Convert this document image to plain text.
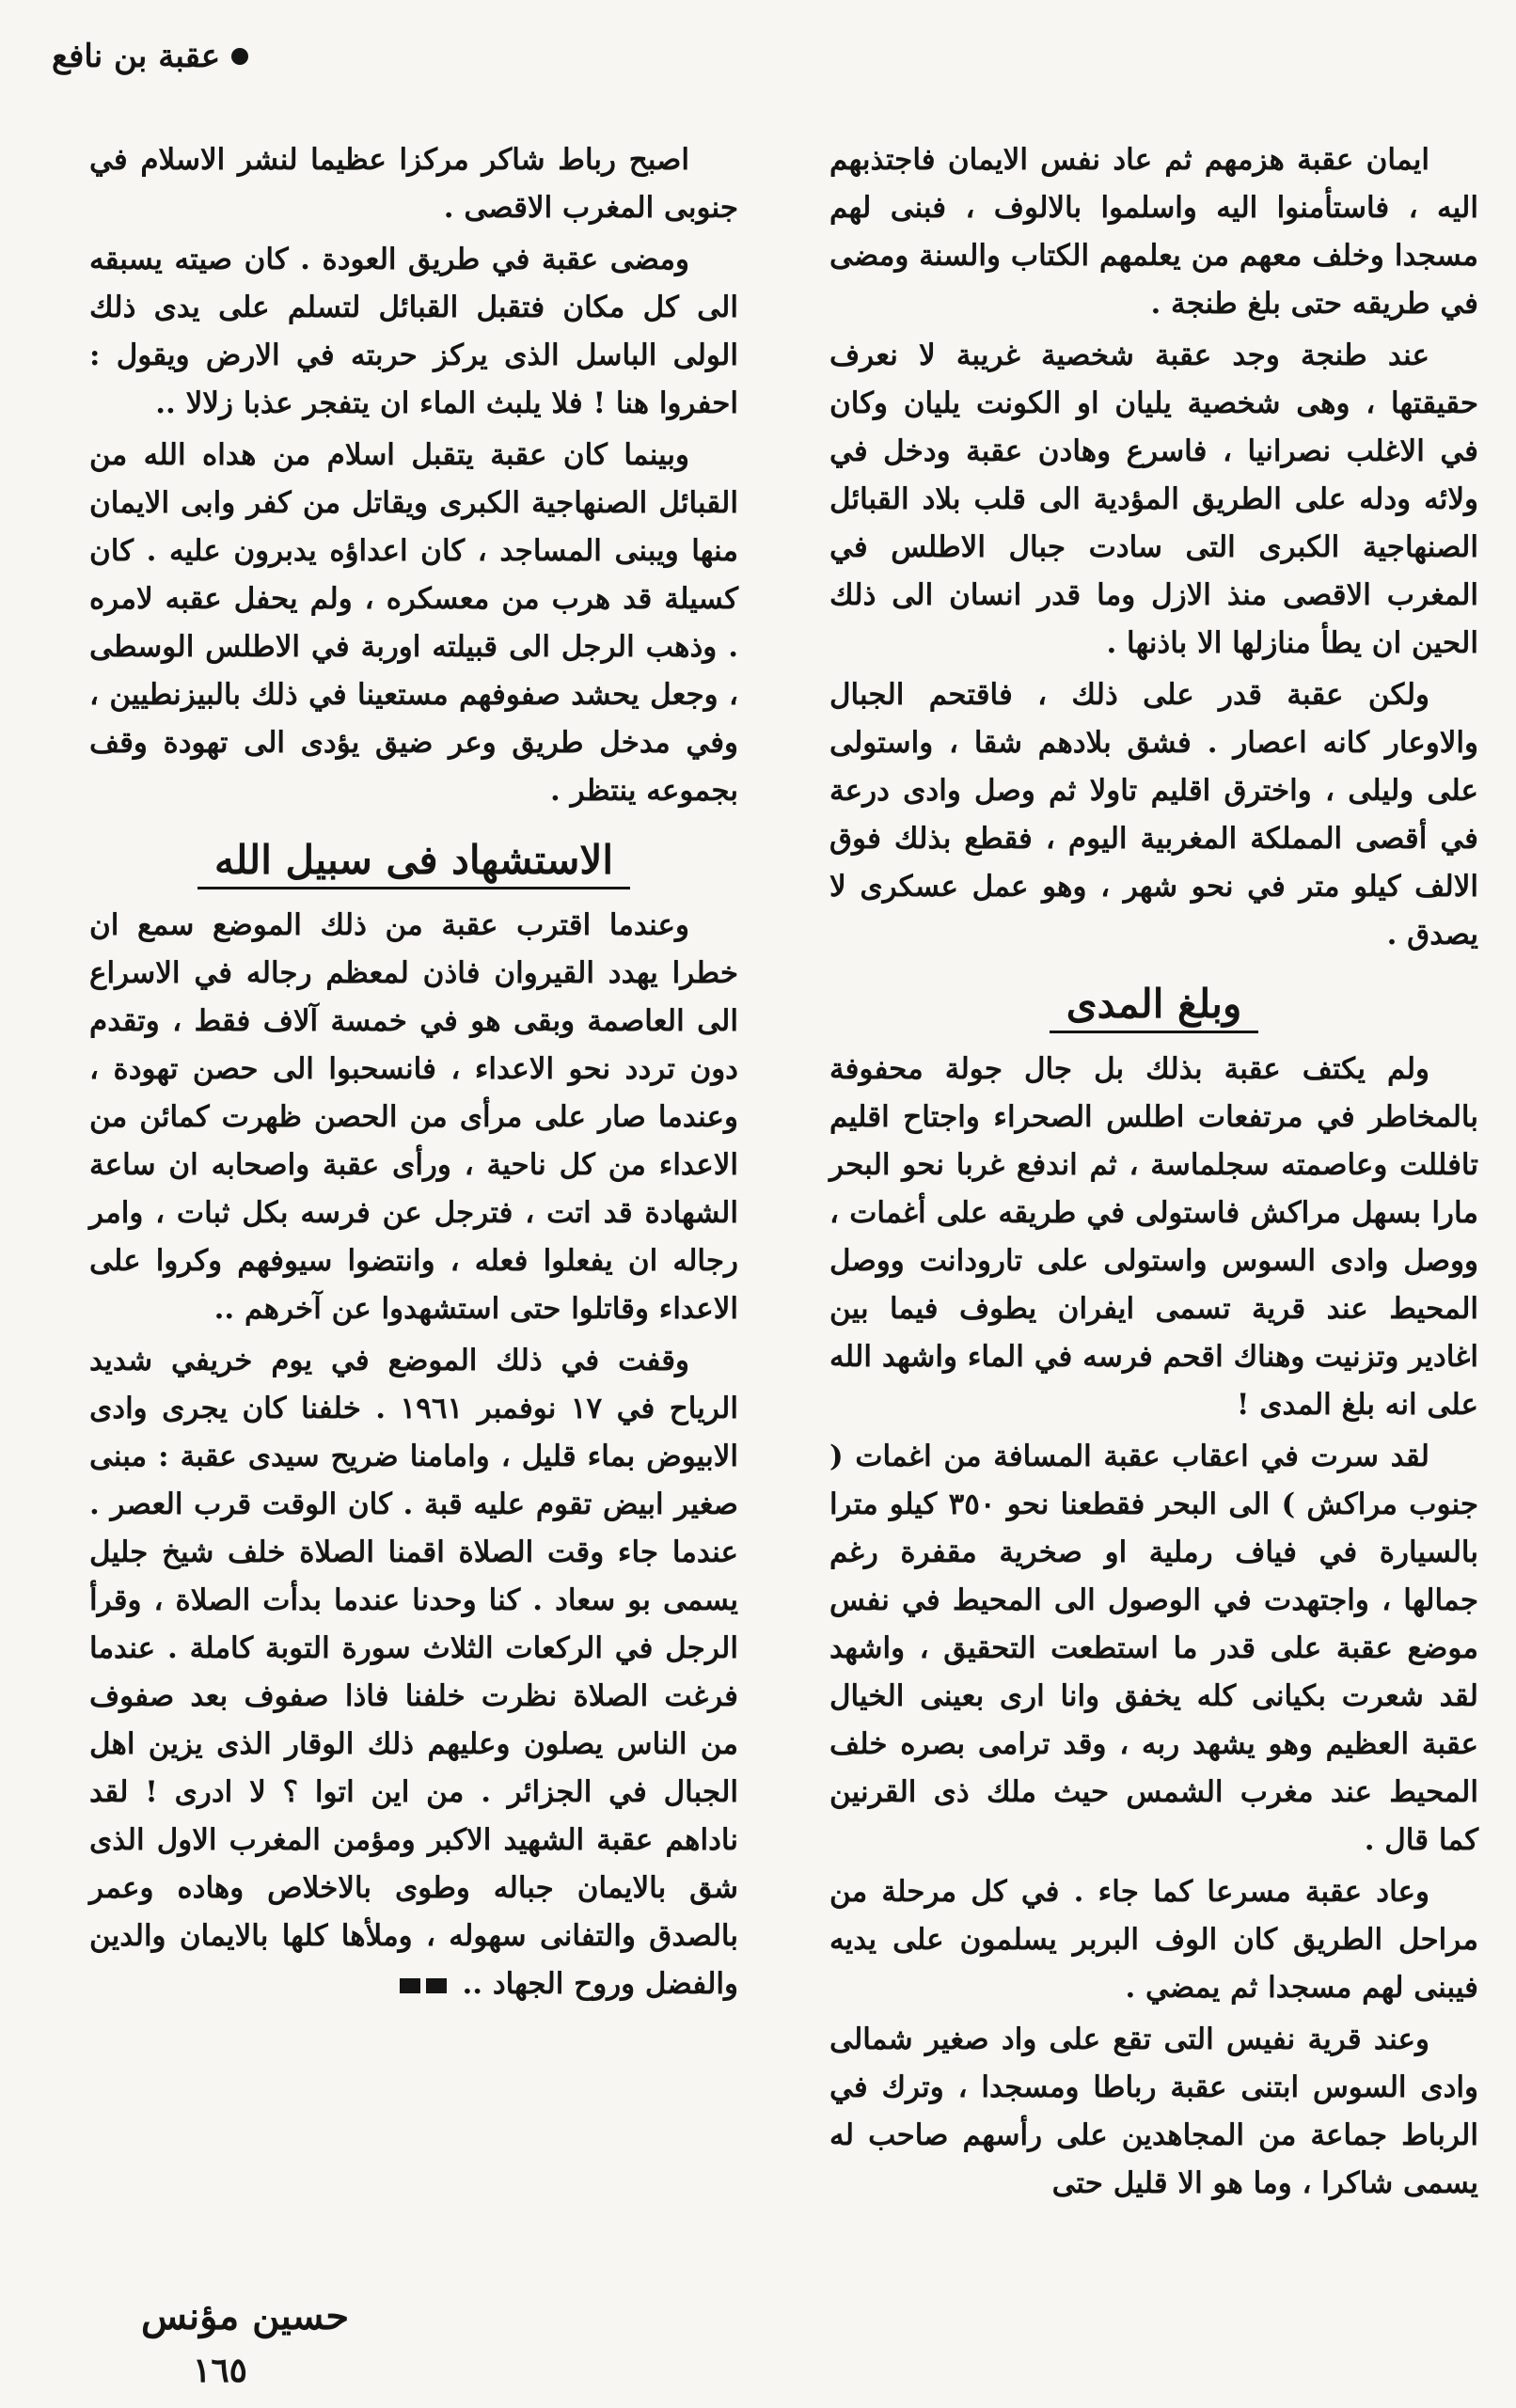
عقبة بن نافع

ايمان عقبة هزمهم ثم عاد نفس الايمان فاجتذبهم اليه ، فاستأمنوا اليه واسلموا بالالوف ، فبنى لهم مسجدا وخلف معهم من يعلمهم الكتاب والسنة ومضى في طريقه حتى بلغ طنجة .

عند طنجة وجد عقبة شخصية غريبة لا نعرف حقيقتها ، وهى شخصية يليان او الكونت يليان وكان في الاغلب نصرانيا ، فاسرع وهادن عقبة ودخل في ولائه ودله على الطريق المؤدية الى قلب بلاد القبائل الصنهاجية الكبرى التى سادت جبال الاطلس في المغرب الاقصى منذ الازل وما قدر انسان الى ذلك الحين ان يطأ منازلها الا باذنها .

ولكن عقبة قدر على ذلك ، فاقتحم الجبال والاوعار كانه اعصار . فشق بلادهم شقا ، واستولى على وليلى ، واخترق اقليم تاولا ثم وصل وادى درعة في أقصى المملكة المغربية اليوم ، فقطع بذلك فوق الالف كيلو متر في نحو شهر ، وهو عمل عسكرى لا يصدق .

وبلغ المدى

ولم يكتف عقبة بذلك بل جال جولة محفوفة بالمخاطر في مرتفعات اطلس الصحراء واجتاح اقليم تافللت وعاصمته سجلماسة ، ثم اندفع غربا نحو البحر مارا بسهل مراكش فاستولى في طريقه على أغمات ، ووصل وادى السوس واستولى على تارودانت ووصل المحيط عند قرية تسمى ايفران يطوف فيما بين اغادير وتزنيت وهناك اقحم فرسه في الماء واشهد الله على انه بلغ المدى !

لقد سرت في اعقاب عقبة المسافة من اغمات ( جنوب مراكش ) الى البحر فقطعنا نحو ٣٥٠ كيلو مترا بالسيارة في فياف رملية او صخرية مقفرة رغم جمالها ، واجتهدت في الوصول الى المحيط في نفس موضع عقبة على قدر ما استطعت التحقيق ، واشهد لقد شعرت بكيانى كله يخفق وانا ارى بعينى الخيال عقبة العظيم وهو يشهد ربه ، وقد ترامى بصره خلف المحيط عند مغرب الشمس حيث ملك ذى القرنين كما قال .

وعاد عقبة مسرعا كما جاء . في كل مرحلة من مراحل الطريق كان الوف البربر يسلمون على يديه فيبنى لهم مسجدا ثم يمضي .

وعند قرية نفيس التى تقع على واد صغير شمالى وادى السوس ابتنى عقبة رباطا ومسجدا ، وترك في الرباط جماعة من المجاهدين على رأسهم صاحب له يسمى شاكرا ، وما هو الا قليل حتى

اصبح رباط شاكر مركزا عظيما لنشر الاسلام في جنوبى المغرب الاقصى .

ومضى عقبة في طريق العودة . كان صيته يسبقه الى كل مكان فتقبل القبائل لتسلم على يدى ذلك الولى الباسل الذى يركز حربته في الارض ويقول : احفروا هنا ! فلا يلبث الماء ان يتفجر عذبا زلالا ..

وبينما كان عقبة يتقبل اسلام من هداه الله من القبائل الصنهاجية الكبرى ويقاتل من كفر وابى الايمان منها ويبنى المساجد ، كان اعداؤه يدبرون عليه . كان كسيلة قد هرب من معسكره ، ولم يحفل عقبه لامره . وذهب الرجل الى قبيلته اوربة في الاطلس الوسطى ، وجعل يحشد صفوفهم مستعينا في ذلك بالبيزنطيين ، وفي مدخل طريق وعر ضيق يؤدى الى تهودة وقف بجموعه ينتظر .

الاستشهاد فى سبيل الله

وعندما اقترب عقبة من ذلك الموضع سمع ان خطرا يهدد القيروان فاذن لمعظم رجاله في الاسراع الى العاصمة وبقى هو في خمسة آلاف فقط ، وتقدم دون تردد نحو الاعداء ، فانسحبوا الى حصن تهودة ، وعندما صار على مرأى من الحصن ظهرت كمائن من الاعداء من كل ناحية ، ورأى عقبة واصحابه ان ساعة الشهادة قد اتت ، فترجل عن فرسه بكل ثبات ، وامر رجاله ان يفعلوا فعله ، وانتضوا سيوفهم وكروا على الاعداء وقاتلوا حتى استشهدوا عن آخرهم ..

وقفت في ذلك الموضع في يوم خريفي شديد الرياح في ١٧ نوفمبر ١٩٦١ . خلفنا كان يجرى وادى الابيوض بماء قليل ، وامامنا ضريح سيدى عقبة : مبنى صغير ابيض تقوم عليه قبة . كان الوقت قرب العصر . عندما جاء وقت الصلاة اقمنا الصلاة خلف شيخ جليل يسمى بو سعاد . كنا وحدنا عندما بدأت الصلاة ، وقرأ الرجل في الركعات الثلاث سورة التوبة كاملة . عندما فرغت الصلاة نظرت خلفنا فاذا صفوف بعد صفوف من الناس يصلون وعليهم ذلك الوقار الذى يزين اهل الجبال في الجزائر . من اين اتوا ؟ لا ادرى ! لقد ناداهم عقبة الشهيد الاكبر ومؤمن المغرب الاول الذى شق بالايمان جباله وطوى بالاخلاص وهاده وعمر بالصدق والتفانى سهوله ، وملأها كلها بالايمان والدين والفضل وروح الجهاد ..

حسين مؤنس
١٦٥
